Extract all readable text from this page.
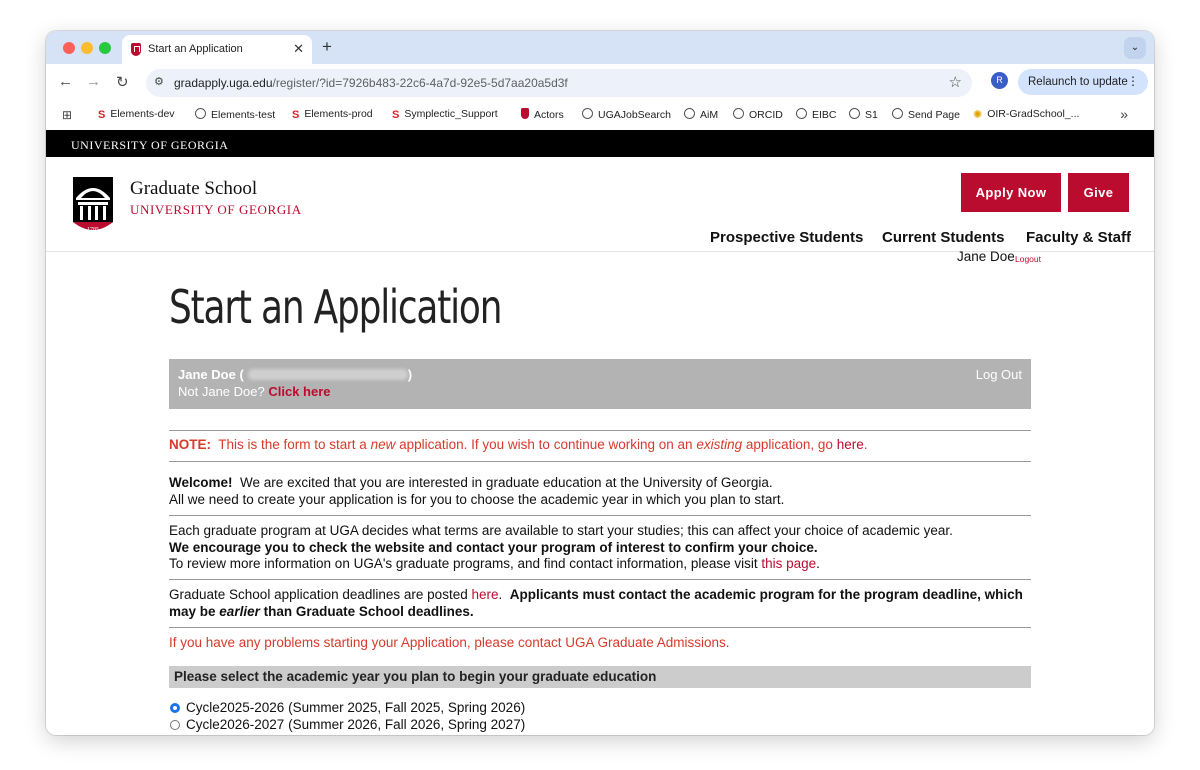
Start an Application	✕ +	⌄
← → ↻ ⚙ gradapply.uga.edu/register/?id=7926b483-22c6-4a7d-92e5-5d7aa20a5d3f	☆	R	Relaunch to update ⋮
⊞ S Elements-dev	Elements-test S Elements-prod S Symplectic_Support	Actors	UGAJobSearch	AiM	ORCID	EIBC	S1	Send Page ✺ OIR-GradSchool_...	»
UNIVERSITY OF GEORGIA
1785
Graduate School
UNIVERSITY OF GEORGIA
Apply Now	Give
Prospective Students Current Students Faculty & Staff
Jane Doe Logout
Start an Application
Jane Doe (	)
Not Jane Doe? Click here
Log Out
NOTE: This is the form to start a new application. If you wish to continue working on an existing application, go here.
Welcome! We are excited that you are interested in graduate education at the University of Georgia.
All we need to create your application is for you to choose the academic year in which you plan to start.
Each graduate program at UGA decides what terms are available to start your studies; this can affect your choice of academic year.
We encourage you to check the website and contact your program of interest to confirm your choice.
To review more information on UGA's graduate programs, and find contact information, please visit this page.
Graduate School application deadlines are posted here.  Applicants must contact the academic program for the program deadline, which
may be earlier than Graduate School deadlines.
If you have any problems starting your Application, please contact UGA Graduate Admissions.
Please select the academic year you plan to begin your graduate education
Cycle2025-2026 (Summer 2025, Fall 2025, Spring 2026)
Cycle2026-2027 (Summer 2026, Fall 2026, Spring 2027)
